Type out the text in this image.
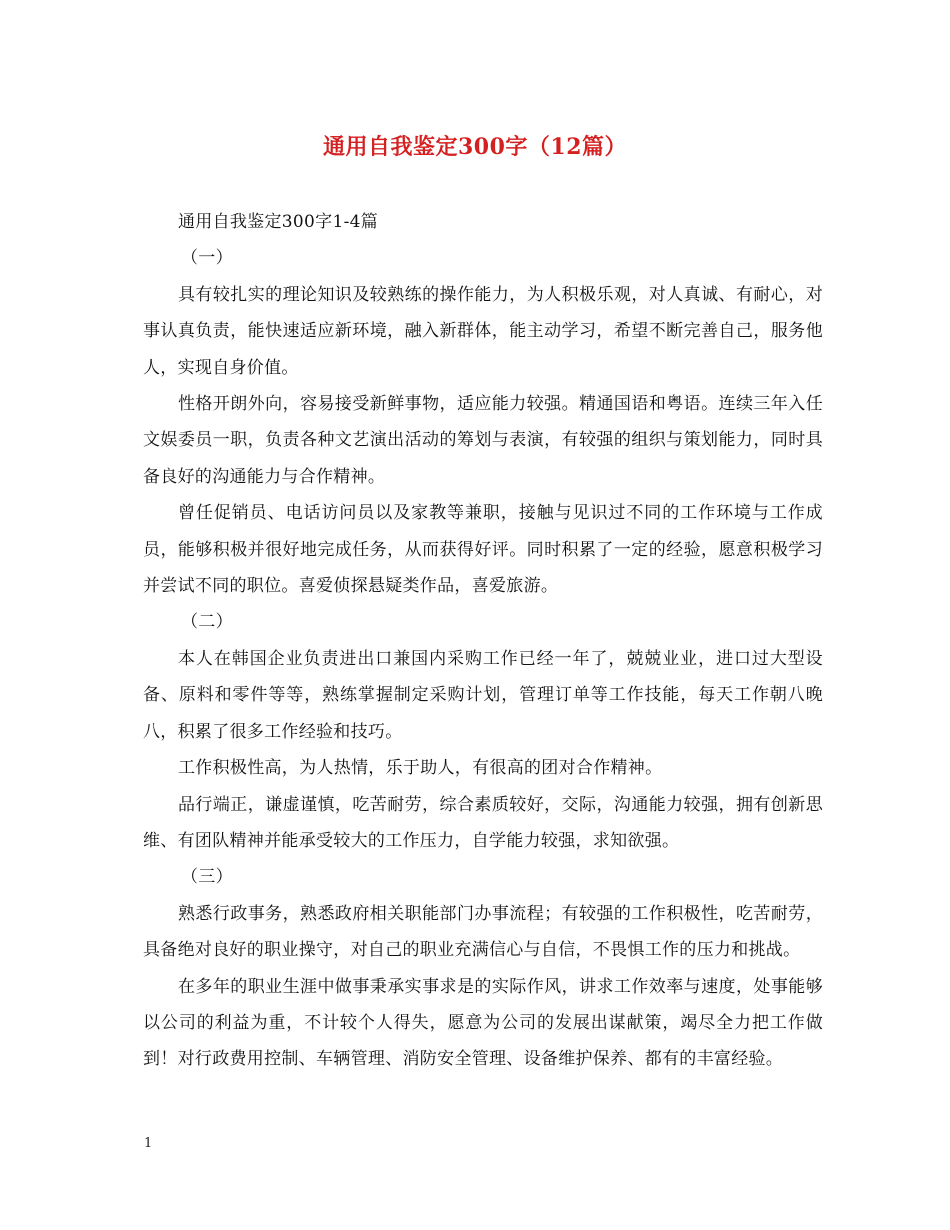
通用自我鉴定300字（12篇）

通用自我鉴定300字1-4篇

（一）

具有较扎实的理论知识及较熟练的操作能力，为人积极乐观，对人真诚、有耐心，对事认真负责，能快速适应新环境，融入新群体，能主动学习，希望不断完善自己，服务他人，实现自身价值。

性格开朗外向，容易接受新鲜事物，适应能力较强。精通国语和粤语。连续三年入任文娱委员一职，负责各种文艺演出活动的筹划与表演，有较强的组织与策划能力，同时具备良好的沟通能力与合作精神。

曾任促销员、电话访问员以及家教等兼职，接触与见识过不同的工作环境与工作成员，能够积极并很好地完成任务，从而获得好评。同时积累了一定的经验，愿意积极学习并尝试不同的职位。喜爱侦探悬疑类作品，喜爱旅游。

（二）

本人在韩国企业负责进出口兼国内采购工作已经一年了，兢兢业业，进口过大型设备、原料和零件等等，熟练掌握制定采购计划，管理订单等工作技能，每天工作朝八晚八，积累了很多工作经验和技巧。

工作积极性高，为人热情，乐于助人，有很高的团对合作精神。

品行端正，谦虚谨慎，吃苦耐劳，综合素质较好，交际，沟通能力较强，拥有创新思维、有团队精神并能承受较大的工作压力，自学能力较强，求知欲强。

（三）

熟悉行政事务，熟悉政府相关职能部门办事流程；有较强的工作积极性，吃苦耐劳，具备绝对良好的职业操守，对自己的职业充满信心与自信，不畏惧工作的压力和挑战。

在多年的职业生涯中做事秉承实事求是的实际作风，讲求工作效率与速度，处事能够以公司的利益为重，不计较个人得失，愿意为公司的发展出谋献策，竭尽全力把工作做到！对行政费用控制、车辆管理、消防安全管理、设备维护保养、都有的丰富经验。

1
